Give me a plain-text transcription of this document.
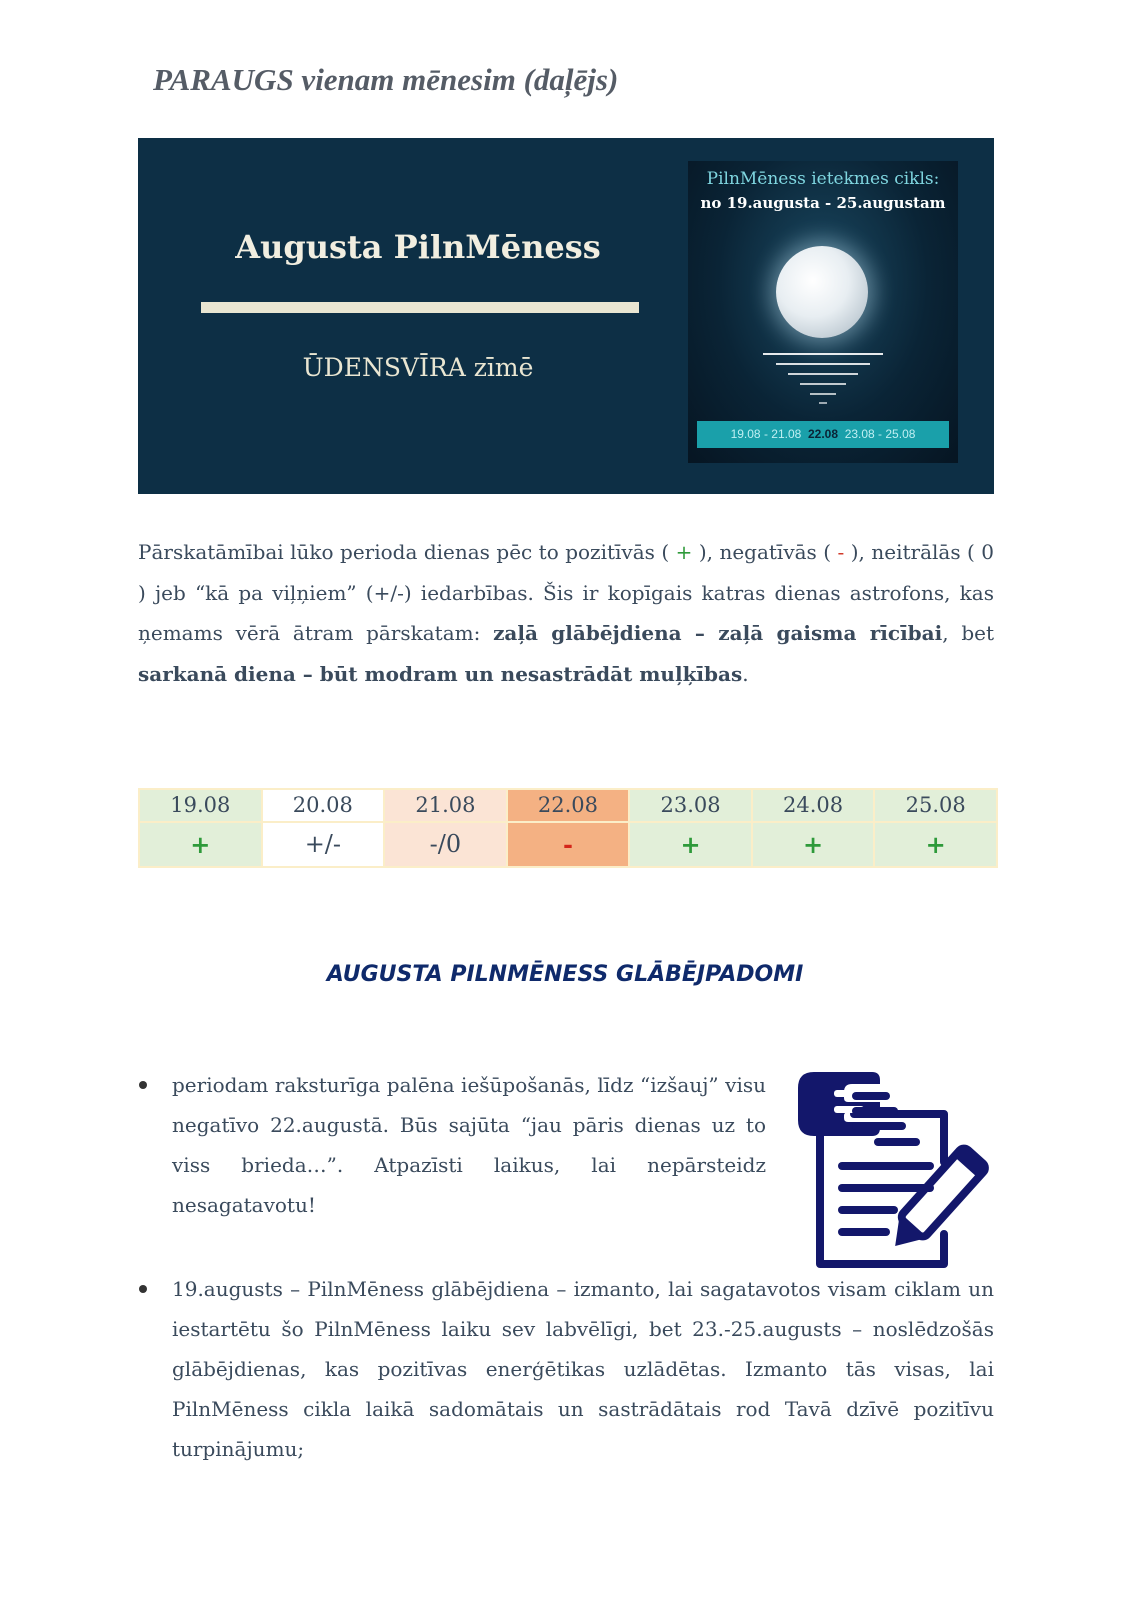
PARAUGS vienam mēnesim (daļējs)
Augusta PilnMēness
ŪDENSVĪRA zīmē
PilnMēness ietekmes cikls:
no 19.augusta - 25.augustam
19.08 - 21.08 22.08 23.08 - 25.08

Pārskatāmībai lūko perioda dienas pēc to pozitīvās ( + ), negatīvās ( - ), neitrālās ( 0 ) jeb “kā pa viļņiem” (+/-) iedarbības. Šis ir kopīgais katras dienas astrofons, kas ņemams vērā ātram pārskatam: zaļā glābējdiena – zaļā gaisma rīcībai, bet sarkanā diena – būt modram un nesastrādāt muļķības.

19.08	20.08	21.08	22.08	23.08	24.08	25.08
+	+/-	-/0	-	+	+	+
AUGUSTA PILNMĒNESS GLĀBĒJPADOMI

periodam raksturīga palēna iešūpošanās, līdz “izšauj” visu negatīvo 22.augustā. Būs sajūta “jau pāris dienas uz to viss brieda…”. Atpazīsti laikus, lai nepārsteidz nesagatavotu!

19.augusts – PilnMēness glābējdiena – izmanto, lai sagatavotos visam ciklam un iestartētu šo PilnMēness laiku sev labvēlīgi, bet 23.-25.augusts – noslēdzošās glābējdienas, kas pozitīvas enerģētikas uzlādētas. Izmanto tās visas, lai PilnMēness cikla laikā sadomātais un sastrādātais rod Tavā dzīvē pozitīvu turpinājumu;
